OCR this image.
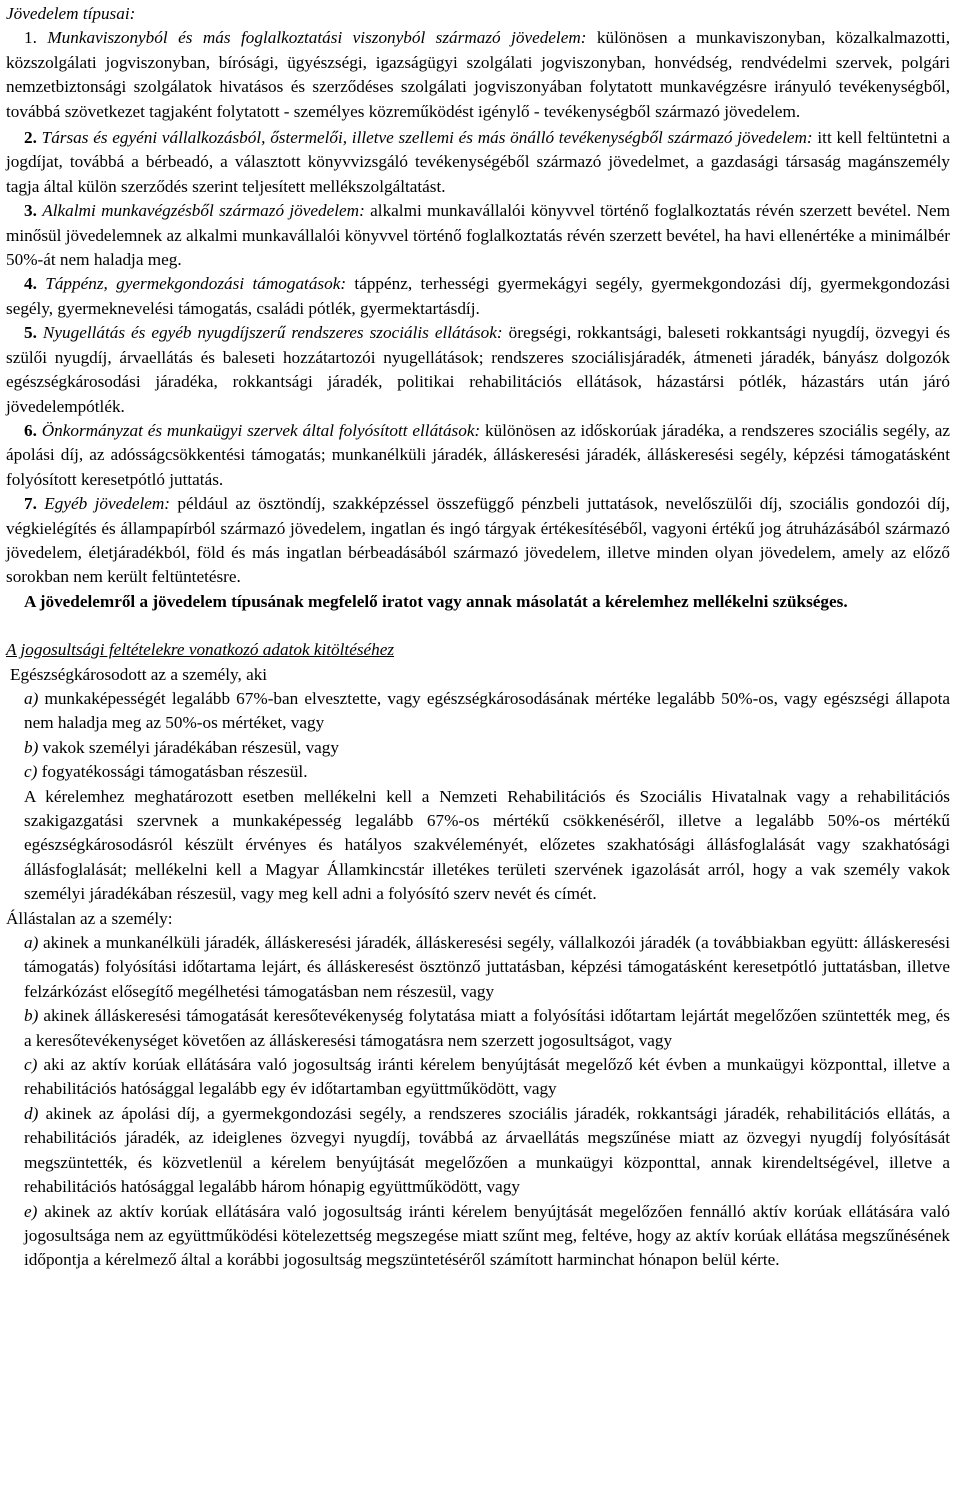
Jövedelem típusai:

1. Munkaviszonyból és más foglalkoztatási viszonyból származó jövedelem: különösen a munkaviszonyban, közalkalmazotti, közszolgálati jogviszonyban, bírósági, ügyészségi, igazságügyi szolgálati jogviszonyban, honvédség, rendvédelmi szervek, polgári nemzetbiztonsági szolgálatok hivatásos és szerződéses szolgálati jogviszonyában folytatott munkavégzésre irányuló tevékenységből, továbbá szövetkezet tagjaként folytatott - személyes közreműködést igénylő - tevékenységből származó jövedelem.

2. Társas és egyéni vállalkozásból, őstermelői, illetve szellemi és más önálló tevékenységből származó jövedelem: itt kell feltüntetni a jogdíjat, továbbá a bérbeadó, a választott könyvvizsgáló tevékenységéből származó jövedelmet, a gazdasági társaság magánszemély tagja által külön szerződés szerint teljesített mellékszolgáltatást.

3. Alkalmi munkavégzésből származó jövedelem: alkalmi munkavállalói könyvvel történő foglalkoztatás révén szerzett bevétel. Nem minősül jövedelemnek az alkalmi munkavállalói könyvvel történő foglalkoztatás révén szerzett bevétel, ha havi ellenértéke a minimálbér 50%-át nem haladja meg.

4. Táppénz, gyermekgondozási támogatások: táppénz, terhességi gyermekágyi segély, gyermekgondozási díj, gyermekgondozási segély, gyermeknevelési támogatás, családi pótlék, gyermektartásdíj.

5. Nyugellátás és egyéb nyugdíjszerű rendszeres szociális ellátások: öregségi, rokkantsági, baleseti rokkantsági nyugdíj, özvegyi és szülői nyugdíj, árvaellátás és baleseti hozzátartozói nyugellátások; rendszeres szociálisjáradék, átmeneti járadék, bányász dolgozók egészségkárosodási járadéka, rokkantsági járadék, politikai rehabilitációs ellátások, házastársi pótlék, házastárs után járó jövedelempótlék.

6. Önkormányzat és munkaügyi szervek által folyósított ellátások: különösen az időskorúak járadéka, a rendszeres szociális segély, az ápolási díj, az adósságcsökkentési támogatás; munkanélküli járadék, álláskeresési járadék, álláskeresési segély, képzési támogatásként folyósított keresetpótló juttatás.

7. Egyéb jövedelem: például az ösztöndíj, szakképzéssel összefüggő pénzbeli juttatások, nevelőszülői díj, szociális gondozói díj, végkielégítés és állampapírból származó jövedelem, ingatlan és ingó tárgyak értékesítéséből, vagyoni értékű jog átruházásából származó jövedelem, életjáradékból, föld és más ingatlan bérbeadásából származó jövedelem, illetve minden olyan jövedelem, amely az előző sorokban nem került feltüntetésre.

A jövedelemről a jövedelem típusának megfelelő iratot vagy annak másolatát a kérelemhez mellékelni szükséges.

A jogosultsági feltételekre vonatkozó adatok kitöltéséhez

Egészségkárosodott az a személy, aki

a) munkaképességét legalább 67%-ban elvesztette, vagy egészségkárosodásának mértéke legalább 50%-os, vagy egészségi állapota nem haladja meg az 50%-os mértéket, vagy

b) vakok személyi járadékában részesül, vagy

c) fogyatékossági támogatásban részesül.

A kérelemhez meghatározott esetben mellékelni kell a Nemzeti Rehabilitációs és Szociális Hivatalnak vagy a rehabilitációs szakigazgatási szervnek a munkaképesség legalább 67%-os mértékű csökkenéséről, illetve a legalább 50%-os mértékű egészségkárosodásról készült érvényes és hatályos szakvéleményét, előzetes szakhatósági állásfoglalását vagy szakhatósági állásfoglalását; mellékelni kell a Magyar Államkincstár illetékes területi szervének igazolását arról, hogy a vak személy vakok személyi járadékában részesül, vagy meg kell adni a folyósító szerv nevét és címét.

Állástalan az a személy:

a) akinek a munkanélküli járadék, álláskeresési járadék, álláskeresési segély, vállalkozói járadék (a továbbiakban együtt: álláskeresési támogatás) folyósítási időtartama lejárt, és álláskeresést ösztönző juttatásban, képzési támogatásként keresetpótló juttatásban, illetve felzárkózást elősegítő megélhetési támogatásban nem részesül, vagy

b) akinek álláskeresési támogatását keresőtevékenység folytatása miatt a folyósítási időtartam lejártát megelőzően szüntették meg, és a keresőtevékenységet követően az álláskeresési támogatásra nem szerzett jogosultságot, vagy

c) aki az aktív korúak ellátására való jogosultság iránti kérelem benyújtását megelőző két évben a munkaügyi központtal, illetve a rehabilitációs hatósággal legalább egy év időtartamban együttműködött, vagy

d) akinek az ápolási díj, a gyermekgondozási segély, a rendszeres szociális járadék, rokkantsági járadék, rehabilitációs ellátás, a rehabilitációs járadék, az ideiglenes özvegyi nyugdíj, továbbá az árvaellátás megszűnése miatt az özvegyi nyugdíj folyósítását megszüntették, és közvetlenül a kérelem benyújtását megelőzően a munkaügyi központtal, annak kirendeltségével, illetve a rehabilitációs hatósággal legalább három hónapig együttműködött, vagy

e) akinek az aktív korúak ellátására való jogosultság iránti kérelem benyújtását megelőzően fennálló aktív korúak ellátására való jogosultsága nem az együttműködési kötelezettség megszegése miatt szűnt meg, feltéve, hogy az aktív korúak ellátása megszűnésének időpontja a kérelmező által a korábbi jogosultság megszüntetéséről számított harminchat hónapon belül kérte.
